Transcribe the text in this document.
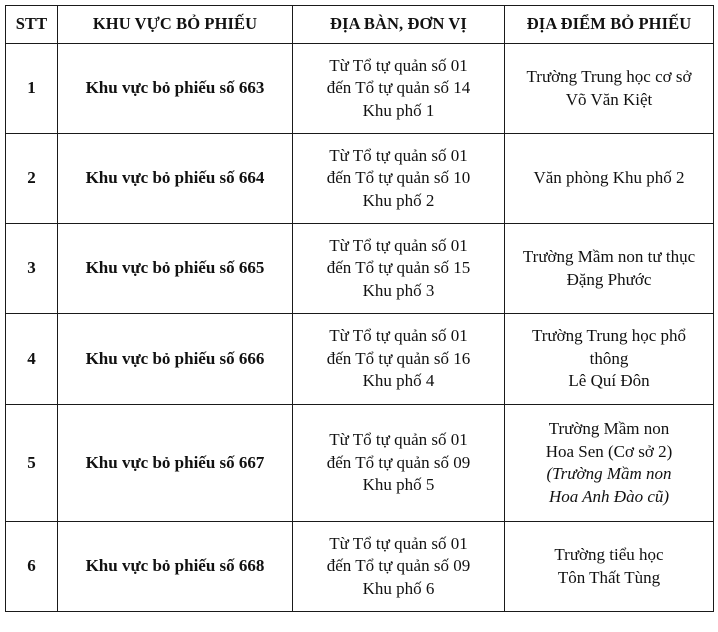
STT	KHU VỰC BỎ PHIẾU	ĐỊA BÀN, ĐƠN VỊ	ĐỊA ĐIỂM BỎ PHIẾU
1	Khu vực bỏ phiếu số 663	Từ Tổ tự quản số 01
đến Tổ tự quản số 14
Khu phố 1	Trường Trung học cơ sở
Võ Văn Kiệt

2	Khu vực bỏ phiếu số 664	Từ Tổ tự quản số 01
đến Tổ tự quản số 10
Khu phố 2	Văn phòng Khu phố 2

3	Khu vực bỏ phiếu số 665	Từ Tổ tự quản số 01
đến Tổ tự quản số 15
Khu phố 3	Trường Mầm non tư thục
Đặng Phước

4	Khu vực bỏ phiếu số 666	Từ Tổ tự quản số 01
đến Tổ tự quản số 16
Khu phố 4	Trường Trung học phổ
thông
Lê Quí Đôn

5	Khu vực bỏ phiếu số 667	Từ Tổ tự quản số 01
đến Tổ tự quản số 09
Khu phố 5	Trường Mầm non
Hoa Sen (Cơ sở 2)
(Trường Mầm non
Hoa Anh Đào cũ)

6	Khu vực bỏ phiếu số 668	Từ Tổ tự quản số 01
đến Tổ tự quản số 09
Khu phố 6	Trường tiểu học
Tôn Thất Tùng
